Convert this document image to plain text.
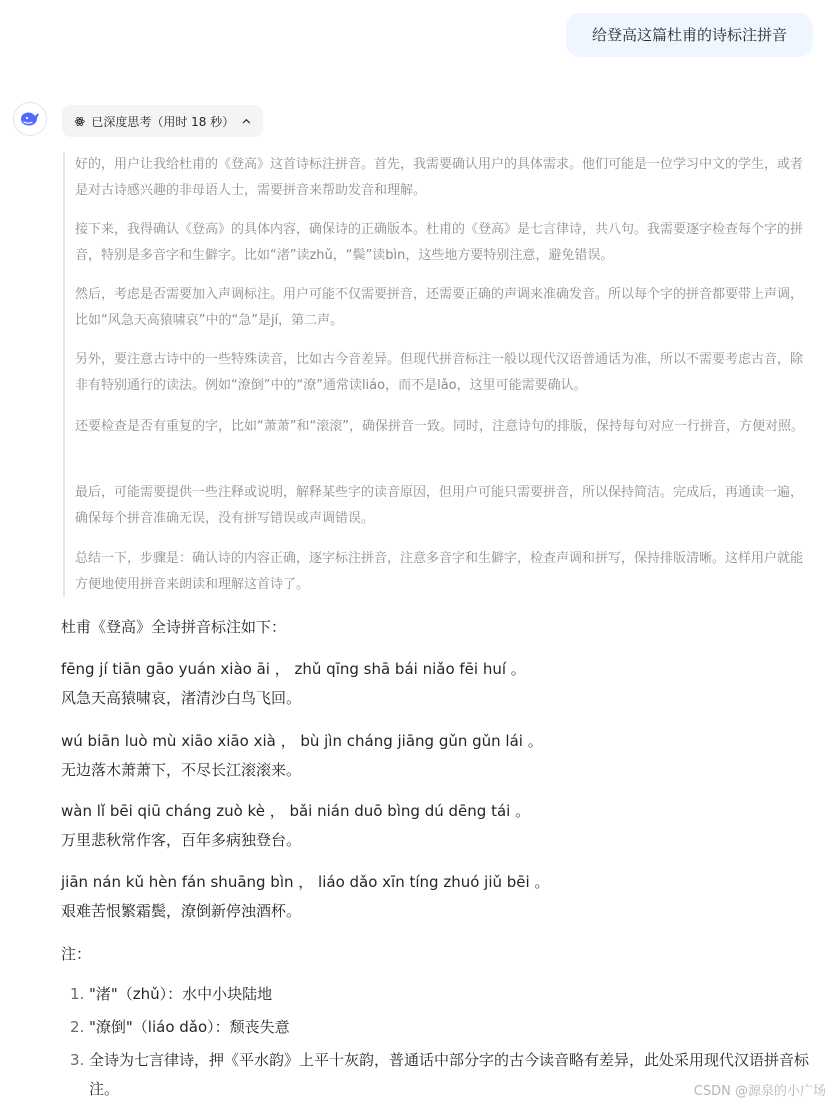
给登高这篇杜甫的诗标注拼音
已深度思考（用时 18 秒）

好的，用户让我给杜甫的《登高》这首诗标注拼音。首先，我需要确认用户的具体需求。他们可能是一位学习中文的学生，或者是对古诗感兴趣的非母语人士，需要拼音来帮助发音和理解。

接下来，我得确认《登高》的具体内容，确保诗的正确版本。杜甫的《登高》是七言律诗，共八句。我需要逐字检查每个字的拼音，特别是多音字和生僻字。比如“渚”读zhǔ，“鬓”读bìn，这些地方要特别注意，避免错误。

然后，考虑是否需要加入声调标注。用户可能不仅需要拼音，还需要正确的声调来准确发音。所以每个字的拼音都要带上声调，比如“风急天高猿啸哀”中的“急”是jí，第二声。

另外，要注意古诗中的一些特殊读音，比如古今音差异。但现代拼音标注一般以现代汉语普通话为准，所以不需要考虑古音，除非有特别通行的读法。例如“潦倒”中的“潦”通常读liáo，而不是lǎo，这里可能需要确认。

还要检查是否有重复的字，比如“萧萧”和“滚滚”，确保拼音一致。同时，注意诗句的排版，保持每句对应一行拼音，方便对照。

最后，可能需要提供一些注释或说明，解释某些字的读音原因，但用户可能只需要拼音，所以保持简洁。完成后，再通读一遍，确保每个拼音准确无误，没有拼写错误或声调错误。

总结一下，步骤是：确认诗的内容正确，逐字标注拼音，注意多音字和生僻字，检查声调和拼写，保持排版清晰。这样用户就能方便地使用拼音来朗读和理解这首诗了。

杜甫《登高》全诗拼音标注如下：
fēng jí tiān gāo yuán xiào āi ， zhǔ qīng shā bái niǎo fēi huí 。
风急天高猿啸哀，渚清沙白鸟飞回。
wú biān luò mù xiāo xiāo xià ， bù jìn cháng jiāng gǔn gǔn lái 。
无边落木萧萧下，不尽长江滚滚来。
wàn lǐ bēi qiū cháng zuò kè ， bǎi nián duō bìng dú dēng tái 。
万里悲秋常作客，百年多病独登台。
jiān nán kǔ hèn fán shuāng bìn ， liáo dǎo xīn tíng zhuó jiǔ bēi 。
艰难苦恨繁霜鬓，潦倒新停浊酒杯。
注：
1. "渚"（zhǔ）：水中小块陆地
2. "潦倒"（liáo dǎo）：颓丧失意
3. 全诗为七言律诗，押《平水韵》上平十灰韵，普通话中部分字的古今读音略有差异，此处采用现代汉语拼音标注。	CSDN @源泉的小广场
